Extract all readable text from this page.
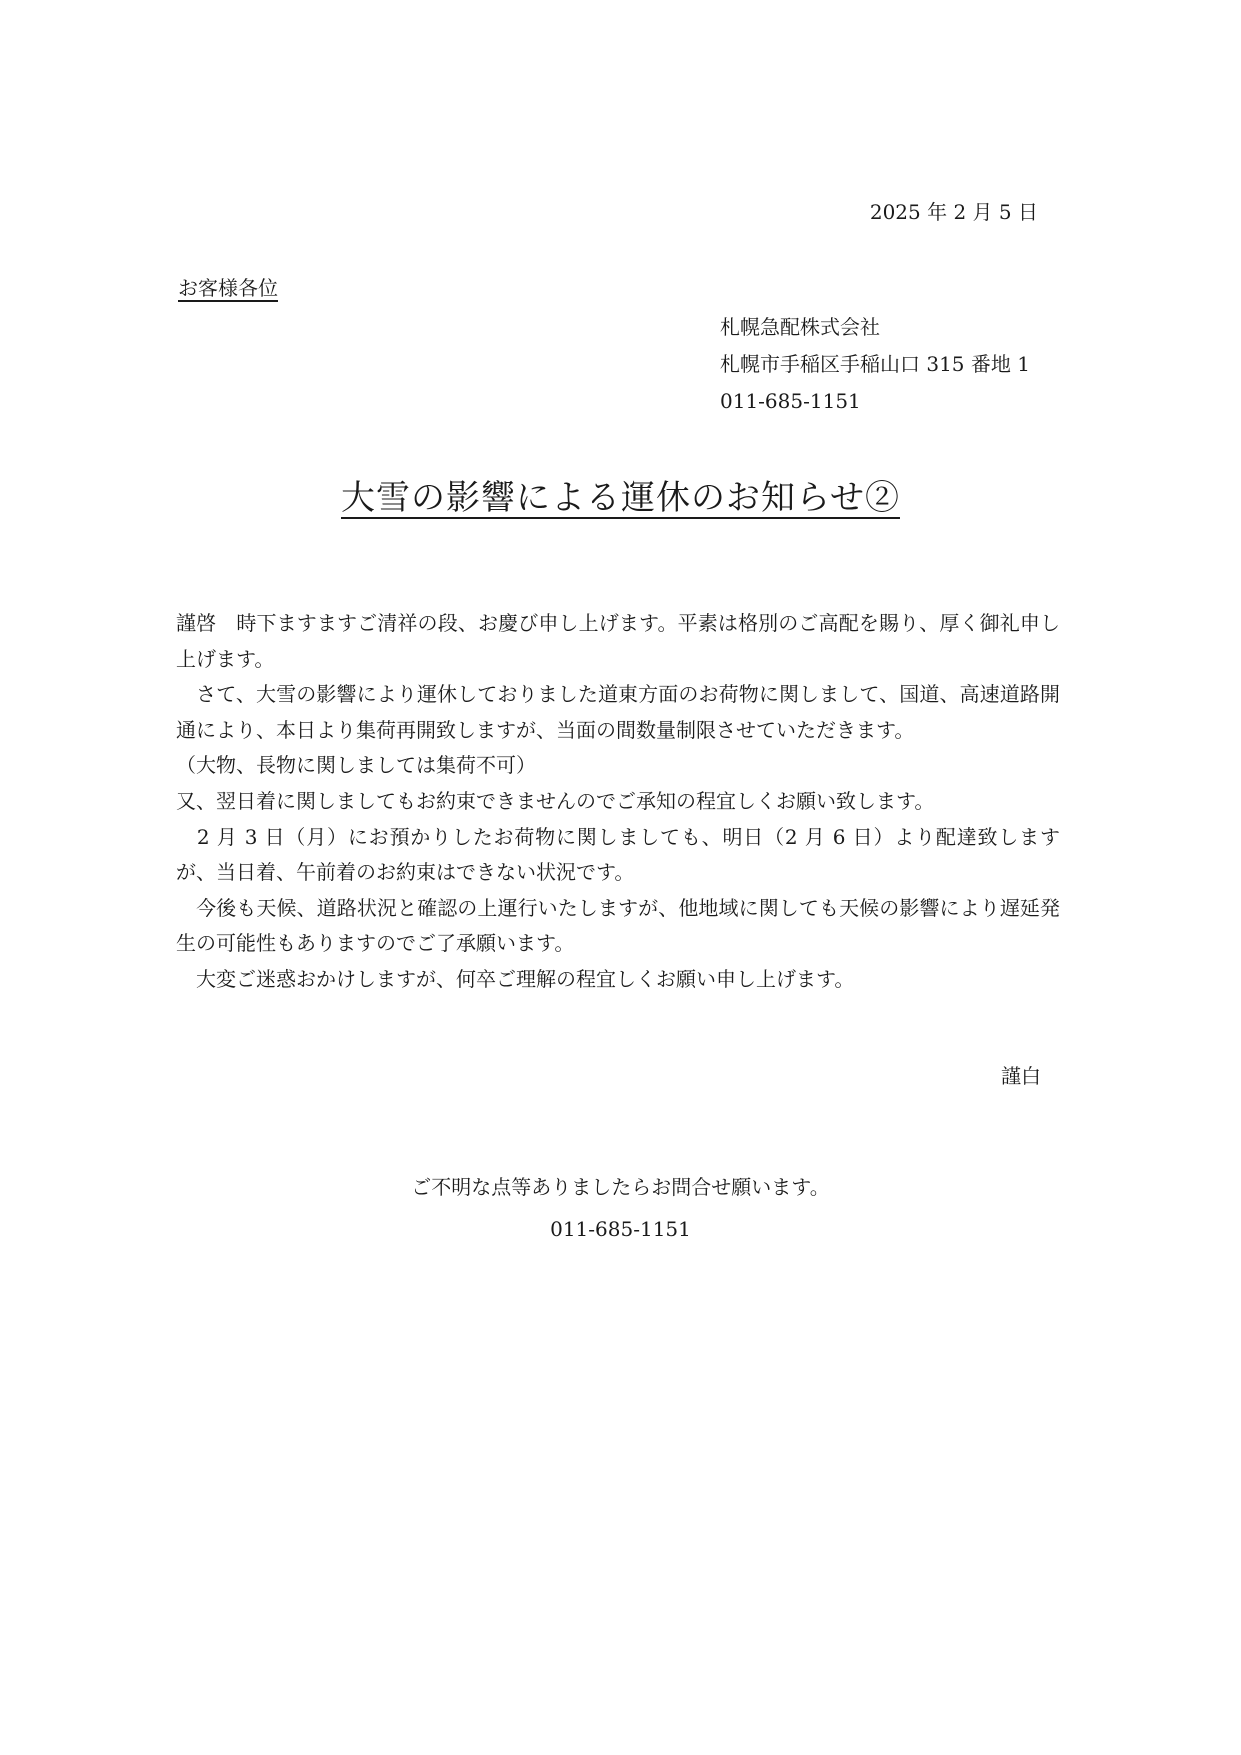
2025 年 2 月 5 日
お客様各位
札幌急配株式会社
札幌市手稲区手稲山口 315 番地 1
011-685-1151
大雪の影響による運休のお知らせ②

謹啓　時下ますますご清祥の段、お慶び申し上げます。平素は格別のご高配を賜り、厚く御礼申し上げます。

　さて、大雪の影響により運休しておりました道東方面のお荷物に関しまして、国道、高速道路開通により、本日より集荷再開致しますが、当面の間数量制限させていただきます。

（大物、長物に関しましては集荷不可）

又、翌日着に関しましてもお約束できませんのでご承知の程宜しくお願い致します。

　2 月 3 日（月）にお預かりしたお荷物に関しましても、明日（2 月 6 日）より配達致しますが、当日着、午前着のお約束はできない状況です。

　今後も天候、道路状況と確認の上運行いたしますが、他地域に関しても天候の影響により遅延発生の可能性もありますのでご了承願います。

　大変ご迷惑おかけしますが、何卒ご理解の程宜しくお願い申し上げます。

謹白
ご不明な点等ありましたらお問合せ願います。
011-685-1151
